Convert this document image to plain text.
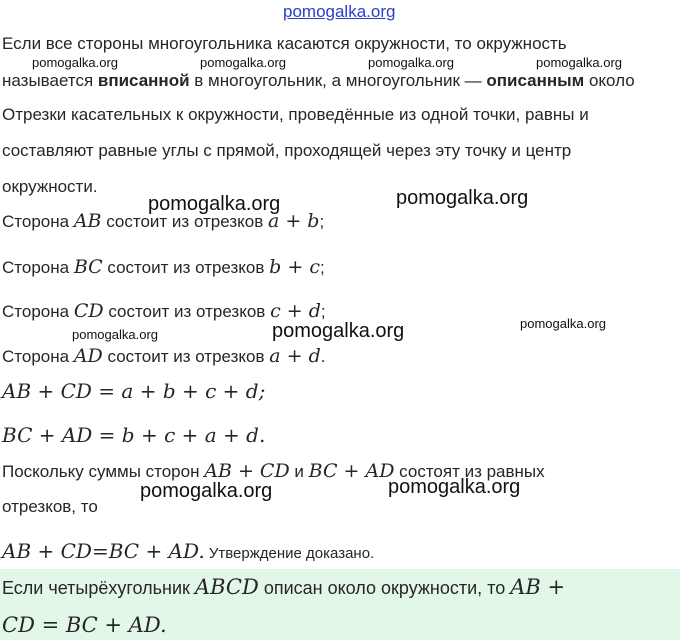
pomogalka.org
Если все стороны многоугольника касаются окружности, то окружность
называется вписанной в многоугольник, а многоугольник — описанным около
Отрезки касательных к окружности, проведённые из одной точки, равны и
составляют равные углы с прямой, проходящей через эту точку и центр
окружности.
Сторона AB состоит из отрезков a + b;
Сторона BC состоит из отрезков b + c;
Сторона CD состоит из отрезков c + d;
Сторона AD состоит из отрезков a + d.
AB + CD = a + b + c + d;
BC + AD = b + c + a + d.
Поскольку суммы сторон AB + CD и BC + AD состоят из равных
отрезков, то
AB + CD=BC + AD. Утверждение доказано.
Если четырёхугольник ABCD описан около окружности, то AB +
CD = BC + AD.
pomogalka.org	pomogalka.org	pomogalka.org	pomogalka.org
pomogalka.org	pomogalka.org
pomogalka.org	pomogalka.org	pomogalka.org
pomogalka.org	pomogalka.org
